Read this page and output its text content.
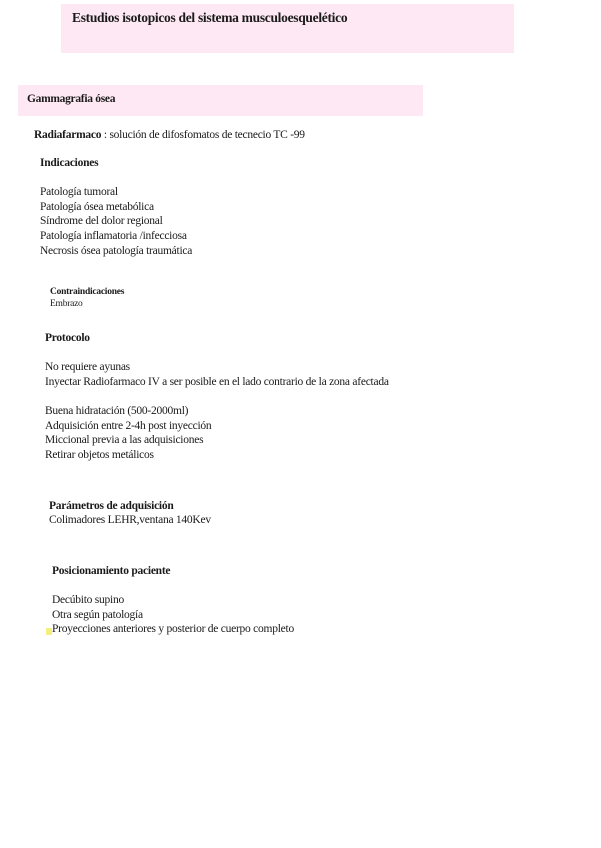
Estudios isotopicos del sistema musculoesquelético
Gammagrafia ósea
Radiafarmaco : solución de difosfomatos de tecnecio TC -99
Indicaciones
Patología tumoral
Patología ósea metabólica
Síndrome del dolor regional
Patología inflamatoria /infecciosa
Necrosis ósea patología traumática
Contraindicaciones
Embrazo
Protocolo
No requiere ayunas
Inyectar Radiofarmaco IV a ser posible en el lado contrario de la zona afectada
Buena hidratación (500-2000ml)
Adquisición entre 2-4h post inyección
Miccional previa a las adquisiciones
Retirar objetos metálicos
Parámetros de adquisición
Colimadores LEHR,ventana 140Kev
Posicionamiento paciente
Decúbito supino
Otra según patología
Proyecciones anteriores y posterior de cuerpo completo
